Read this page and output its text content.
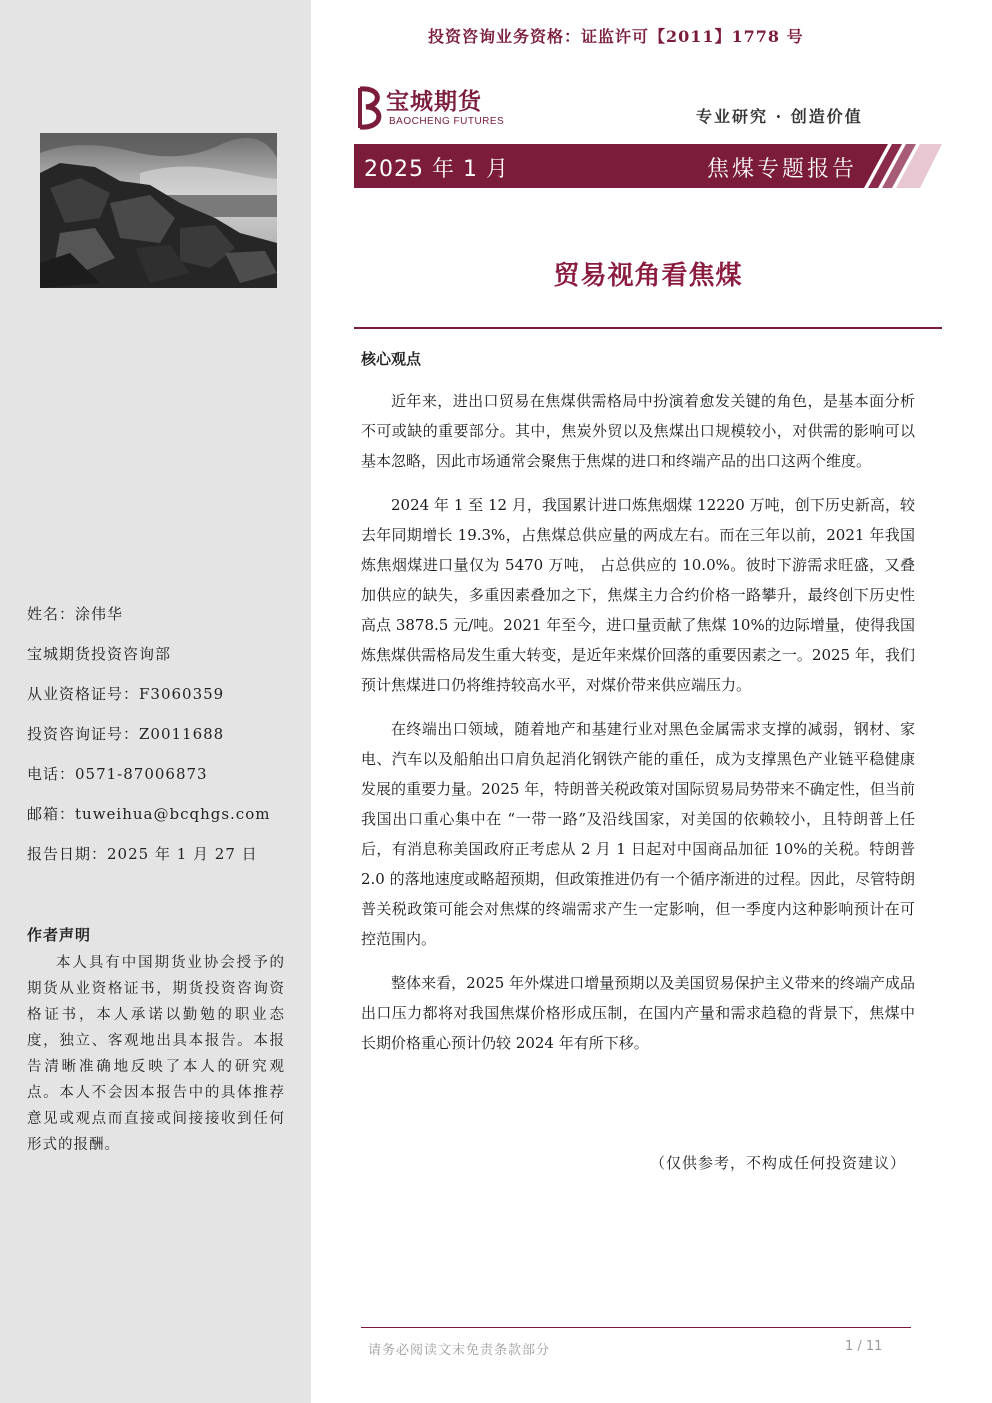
姓名：涂伟华
宝城期货投资咨询部
从业资格证号：F3060359
投资咨询证号：Z0011688
电话：0571-87006873
邮箱：tuweihua@bcqhgs.com
报告日期：2025 年 1 月 27 日
作者声明
本人具有中国期货业协会授予的期货从业资格证书，期货投资咨询资格证书，本人承诺以勤勉的职业态度，独立、客观地出具本报告。本报告清晰准确地反映了本人的研究观点。本人不会因本报告中的具体推荐意见或观点而直接或间接接收到任何形式的报酬。
投资咨询业务资格：证监许可【2011】1778 号
宝城期货
BAOCHENG FUTURES	专业研究 · 创造价值
2025 年 1 月	焦煤专题报告
贸易视角看焦煤
核心观点

近年来，进出口贸易在焦煤供需格局中扮演着愈发关键的角色，是基本面分析不可或缺的重要部分。其中，焦炭外贸以及焦煤出口规模较小，对供需的影响可以基本忽略，因此市场通常会聚焦于焦煤的进口和终端产品的出口这两个维度。

2024 年 1 至 12 月，我国累计进口炼焦烟煤 12220 万吨，创下历史新高，较去年同期增长 19.3%，占焦煤总供应量的两成左右。而在三年以前，2021 年我国炼焦烟煤进口量仅为 5470 万吨， 占总供应的 10.0%。彼时下游需求旺盛，又叠加供应的缺失，多重因素叠加之下，焦煤主力合约价格一路攀升，最终创下历史性高点 3878.5 元/吨。2021 年至今，进口量贡献了焦煤 10%的边际增量，使得我国炼焦煤供需格局发生重大转变，是近年来煤价回落的重要因素之一。2025 年，我们预计焦煤进口仍将维持较高水平，对煤价带来供应端压力。

在终端出口领域，随着地产和基建行业对黑色金属需求支撑的减弱，钢材、家电、汽车以及船舶出口肩负起消化钢铁产能的重任，成为支撑黑色产业链平稳健康发展的重要力量。2025 年，特朗普关税政策对国际贸易局势带来不确定性，但当前我国出口重心集中在 “一带一路”及沿线国家，对美国的依赖较小，且特朗普上任后，有消息称美国政府正考虑从 2 月 1 日起对中国商品加征 10%的关税。特朗普 2.0 的落地速度或略超预期，但政策推进仍有一个循序渐进的过程。因此，尽管特朗普关税政策可能会对焦煤的终端需求产生一定影响，但一季度内这种影响预计在可控范围内。

整体来看，2025 年外煤进口增量预期以及美国贸易保护主义带来的终端产成品出口压力都将对我国焦煤价格形成压制，在国内产量和需求趋稳的背景下，焦煤中长期价格重心预计仍较 2024 年有所下移。

（仅供参考，不构成任何投资建议）
请务必阅读文末免责条款部分	1 / 11
